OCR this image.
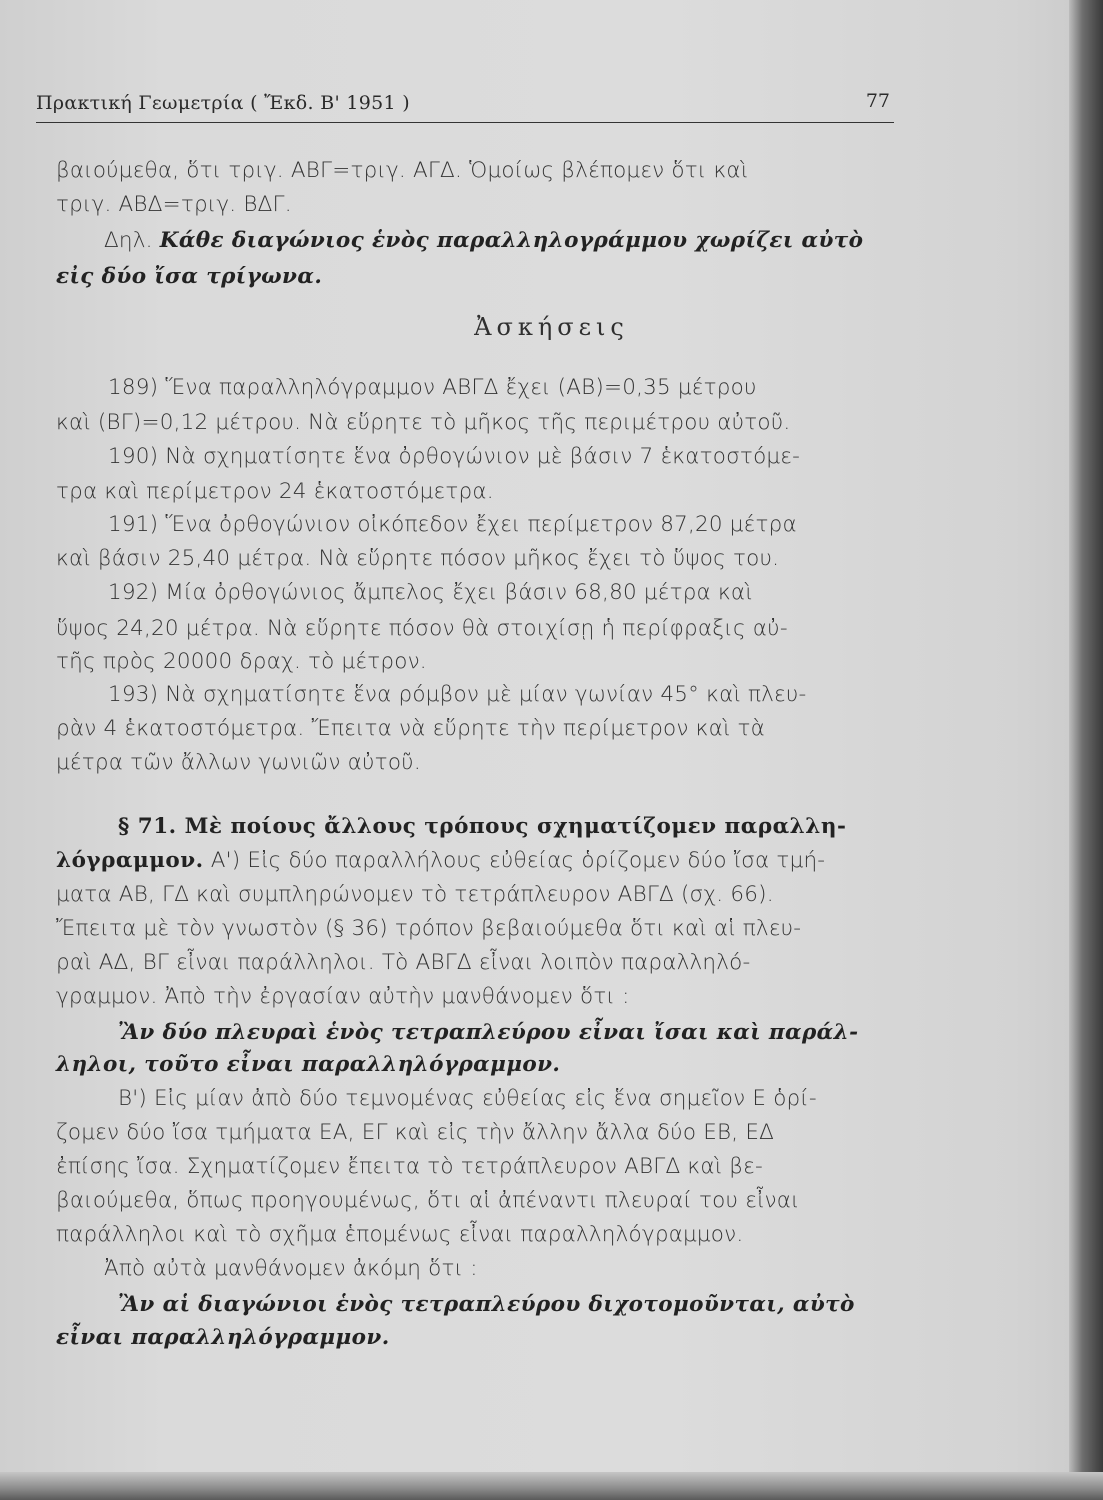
Πρακτική Γεωμετρία ( Ἔκδ. Β' 1951 )	77
βαιούμεθα, ὅτι τριγ. ΑΒΓ=τριγ. ΑΓΔ. Ὁμοίως βλέπομεν ὅτι καὶ
τριγ. ΑΒΔ=τριγ. ΒΔΓ.
Δηλ. Κάθε διαγώνιος ἑνὸς παραλληλογράμμου χωρίζει αὐτὸ
εἰς δύο ἴσα τρίγωνα.
Ἀσκήσεις
189) Ἕνα παραλληλόγραμμον ΑΒΓΔ ἔχει (ΑΒ)=0,35 μέτρου
καὶ (ΒΓ)=0,12 μέτρου. Νὰ εὕρητε τὸ μῆκος τῆς περιμέτρου αὐτοῦ.
190) Νὰ σχηματίσητε ἕνα ὀρθογώνιον μὲ βάσιν 7 ἑκατοστόμε-
τρα καὶ περίμετρον 24 ἑκατοστόμετρα.
191) Ἕνα ὀρθογώνιον οἰκόπεδον ἔχει περίμετρον 87,20 μέτρα
καὶ βάσιν 25,40 μέτρα. Νὰ εὕρητε πόσον μῆκος ἔχει τὸ ὕψος του.
192) Μία ὀρθογώνιος ἄμπελος ἔχει βάσιν 68,80 μέτρα καὶ
ὕψος 24,20 μέτρα. Νὰ εὕρητε πόσον θὰ στοιχίσῃ ἡ περίφραξις αὐ-
τῆς πρὸς 20000 δραχ. τὸ μέτρον.
193) Νὰ σχηματίσητε ἕνα ρόμβον μὲ μίαν γωνίαν 45° καὶ πλευ-
ρὰν 4 ἑκατοστόμετρα. Ἔπειτα νὰ εὕρητε τὴν περίμετρον καὶ τὰ
μέτρα τῶν ἄλλων γωνιῶν αὐτοῦ.
§ 71. Μὲ ποίους ἄλλους τρόπους σχηματίζομεν παραλλη-
λόγραμμον. Α') Εἰς δύο παραλλήλους εὐθείας ὁρίζομεν δύο ἴσα τμή-
ματα ΑΒ, ΓΔ καὶ συμπληρώνομεν τὸ τετράπλευρον ΑΒΓΔ (σχ. 66).
Ἔπειτα μὲ τὸν γνωστὸν (§ 36) τρόπον βεβαιούμεθα ὅτι καὶ αἱ πλευ-
ραὶ ΑΔ, ΒΓ εἶναι παράλληλοι. Τὸ ΑΒΓΔ εἶναι λοιπὸν παραλληλό-
γραμμον. Ἀπὸ τὴν ἐργασίαν αὐτὴν μανθάνομεν ὅτι :
Ἂν δύο πλευραὶ ἑνὸς τετραπλεύρου εἶναι ἴσαι καὶ παράλ-
ληλοι, τοῦτο εἶναι παραλληλόγραμμον.
Β') Εἰς μίαν ἀπὸ δύο τεμνομένας εὐθείας εἰς ἕνα σημεῖον Ε ὁρί-
ζομεν δύο ἴσα τμήματα ΕΑ, ΕΓ καὶ εἰς τὴν ἄλλην ἄλλα δύο ΕΒ, ΕΔ
ἐπίσης ἴσα. Σχηματίζομεν ἔπειτα τὸ τετράπλευρον ΑΒΓΔ καὶ βε-
βαιούμεθα, ὅπως προηγουμένως, ὅτι αἱ ἀπέναντι πλευραί του εἶναι
παράλληλοι καὶ τὸ σχῆμα ἑπομένως εἶναι παραλληλόγραμμον.
Ἀπὸ αὐτὰ μανθάνομεν ἀκόμη ὅτι :
Ἂν αἱ διαγώνιοι ἑνὸς τετραπλεύρου διχοτομοῦνται, αὐτὸ
εἶναι παραλληλόγραμμον.
